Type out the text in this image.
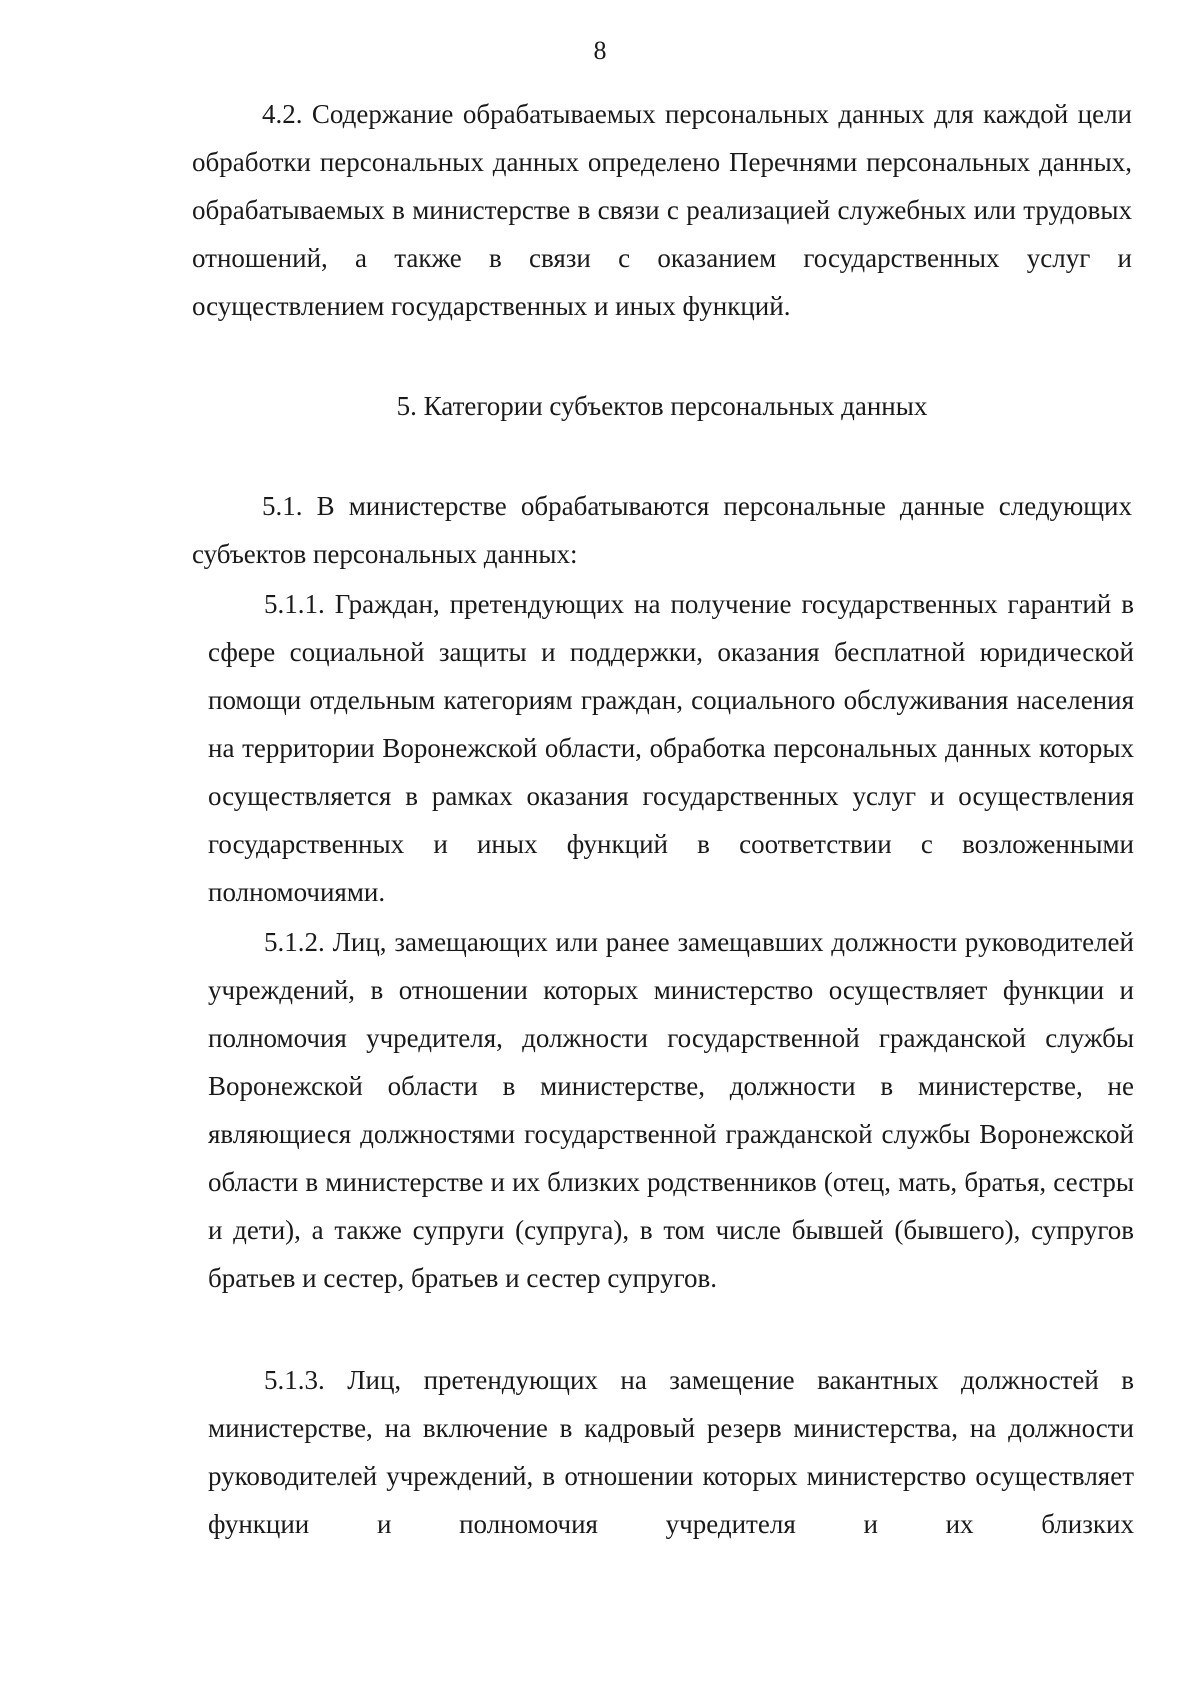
8

4.2. Содержание обрабатываемых персональных данных для каждой цели обработки персональных данных определено Перечнями персональных данных, обрабатываемых в министерстве в связи с реализацией служебных или трудовых отношений, а также в связи с оказанием государственных услуг и осуществлением государственных и иных функций.

5. Категории субъектов персональных данных

5.1. В министерстве обрабатываются персональные данные следующих субъектов персональных данных:

5.1.1. Граждан, претендующих на получение государственных гарантий в сфере социальной защиты и поддержки, оказания бесплатной юридической помощи отдельным категориям граждан, социального обслуживания населения на территории Воронежской области, обработка персональных данных которых осуществляется в рамках оказания государственных услуг и осуществления государственных и иных функций в соответствии с возложенными полномочиями.

5.1.2. Лиц, замещающих или ранее замещавших должности руководителей учреждений, в отношении которых министерство осуществляет функции и полномочия учредителя, должности государственной гражданской службы Воронежской области в министерстве, должности в министерстве, не являющиеся должностями государственной гражданской службы Воронежской области в министерстве и их близких родственников (отец, мать, братья, сестры и дети), а также супруги (супруга), в том числе бывшей (бывшего), супругов братьев и сестер, братьев и сестер супругов.

5.1.3. Лиц, претендующих на замещение вакантных должностей в министерстве, на включение в кадровый резерв министерства, на должности руководителей учреждений, в отношении которых министерство осуществляет функции и полномочия учредителя и их близких
